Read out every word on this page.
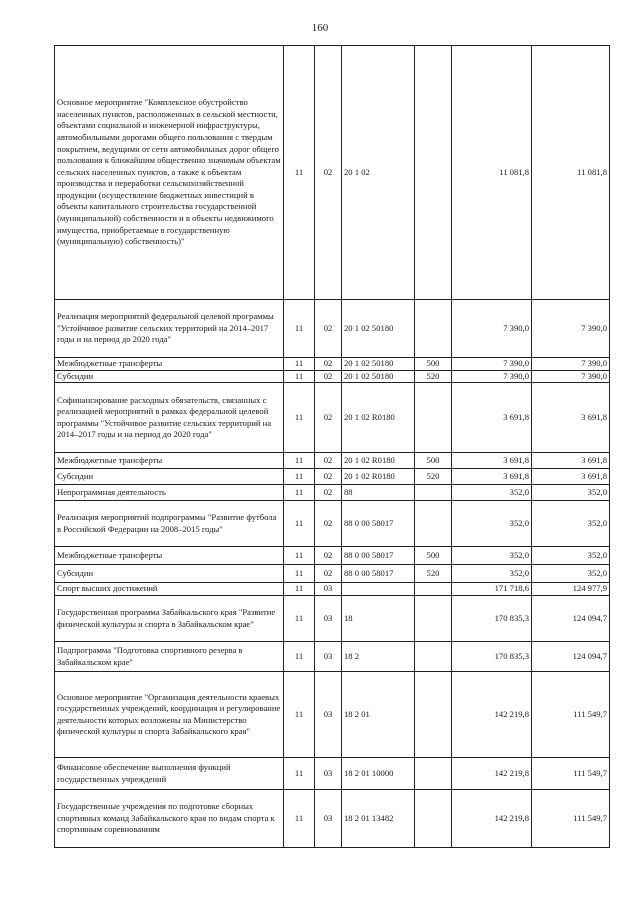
160
Основное мероприятие "Комплексное обустройство населенных пунктов, расположенных в сельской местности, объектами социальной и инженерной инфраструктуры, автомобильными дорогами общего пользования с твердым покрытием, ведущими от сети автомобильных дорог общего пользования к ближайшим общественно значимым объектам сельских населенных пунктов, а также к объектам производства и переработки сельскохозяйственной продукции (осуществление бюджетных инвестиций в объекты капитального строительства государственной (муниципальной) собственности и в объекты недвижимого имущества, приобретаемые в государственную (муниципальную) собственность)"	11	02	20 1 02		11 081,8	11 081,8
Реализация мероприятий федеральной целевой программы "Устойчивое развитие сельских территорий на 2014–2017 годы и на период до 2020 года"	11	02	20 1 02 50180		7 390,0	7 390,0
Межбюджетные трансферты	11	02	20 1 02 50180	500	7 390,0	7 390,0
Субсидии	11	02	20 1 02 50180	520	7 390,0	7 390,0
Софинансирование расходных обязательств, связанных с реализацией мероприятий в рамках федеральной целевой программы "Устойчивое развитие сельских территорий на 2014–2017 годы и на период до 2020 года"	11	02	20 1 02 R0180		3 691,8	3 691,8
Межбюджетные трансферты	11	02	20 1 02 R0180	500	3 691,8	3 691,8
Субсидии	11	02	20 1 02 R0180	520	3 691,8	3 691,8
Непрограммная деятельность	11	02	88		352,0	352,0
Реализация мероприятий подпрограммы "Развитие футбола в Российской Федерации на 2008–2015 годы"	11	02	88 0 00 58017		352,0	352,0
Межбюджетные трансферты	11	02	88 0 00 58017	500	352,0	352,0
Субсидии	11	02	88 0 00 58017	520	352,0	352,0
Спорт высших достижений	11	03			171 718,6	124 977,9
Государственная программа Забайкальского края "Развитие физической культуры и спорта в Забайкальском крае"	11	03	18		170 835,3	124 094,7
Подпрограмма "Подготовка спортивного резерва в Забайкальском крае"	11	03	18 2		170 835,3	124 094,7
Основное мероприятие "Организация деятельности краевых государственных учреждений, координация и регулирование деятельности которых возложены на Министерство физической культуры и спорта Забайкальского края"	11	03	18 2 01		142 219,8	111 549,7
Финансовое обеспечение выполнения функций государственных учреждений	11	03	18 2 01 10000		142 219,8	111 549,7
Государственные учреждения по подготовке сборных спортивных команд Забайкальского края по видам спорта к спортивным соревнованиям	11	03	18 2 01 13482		142 219,8	111 549,7
